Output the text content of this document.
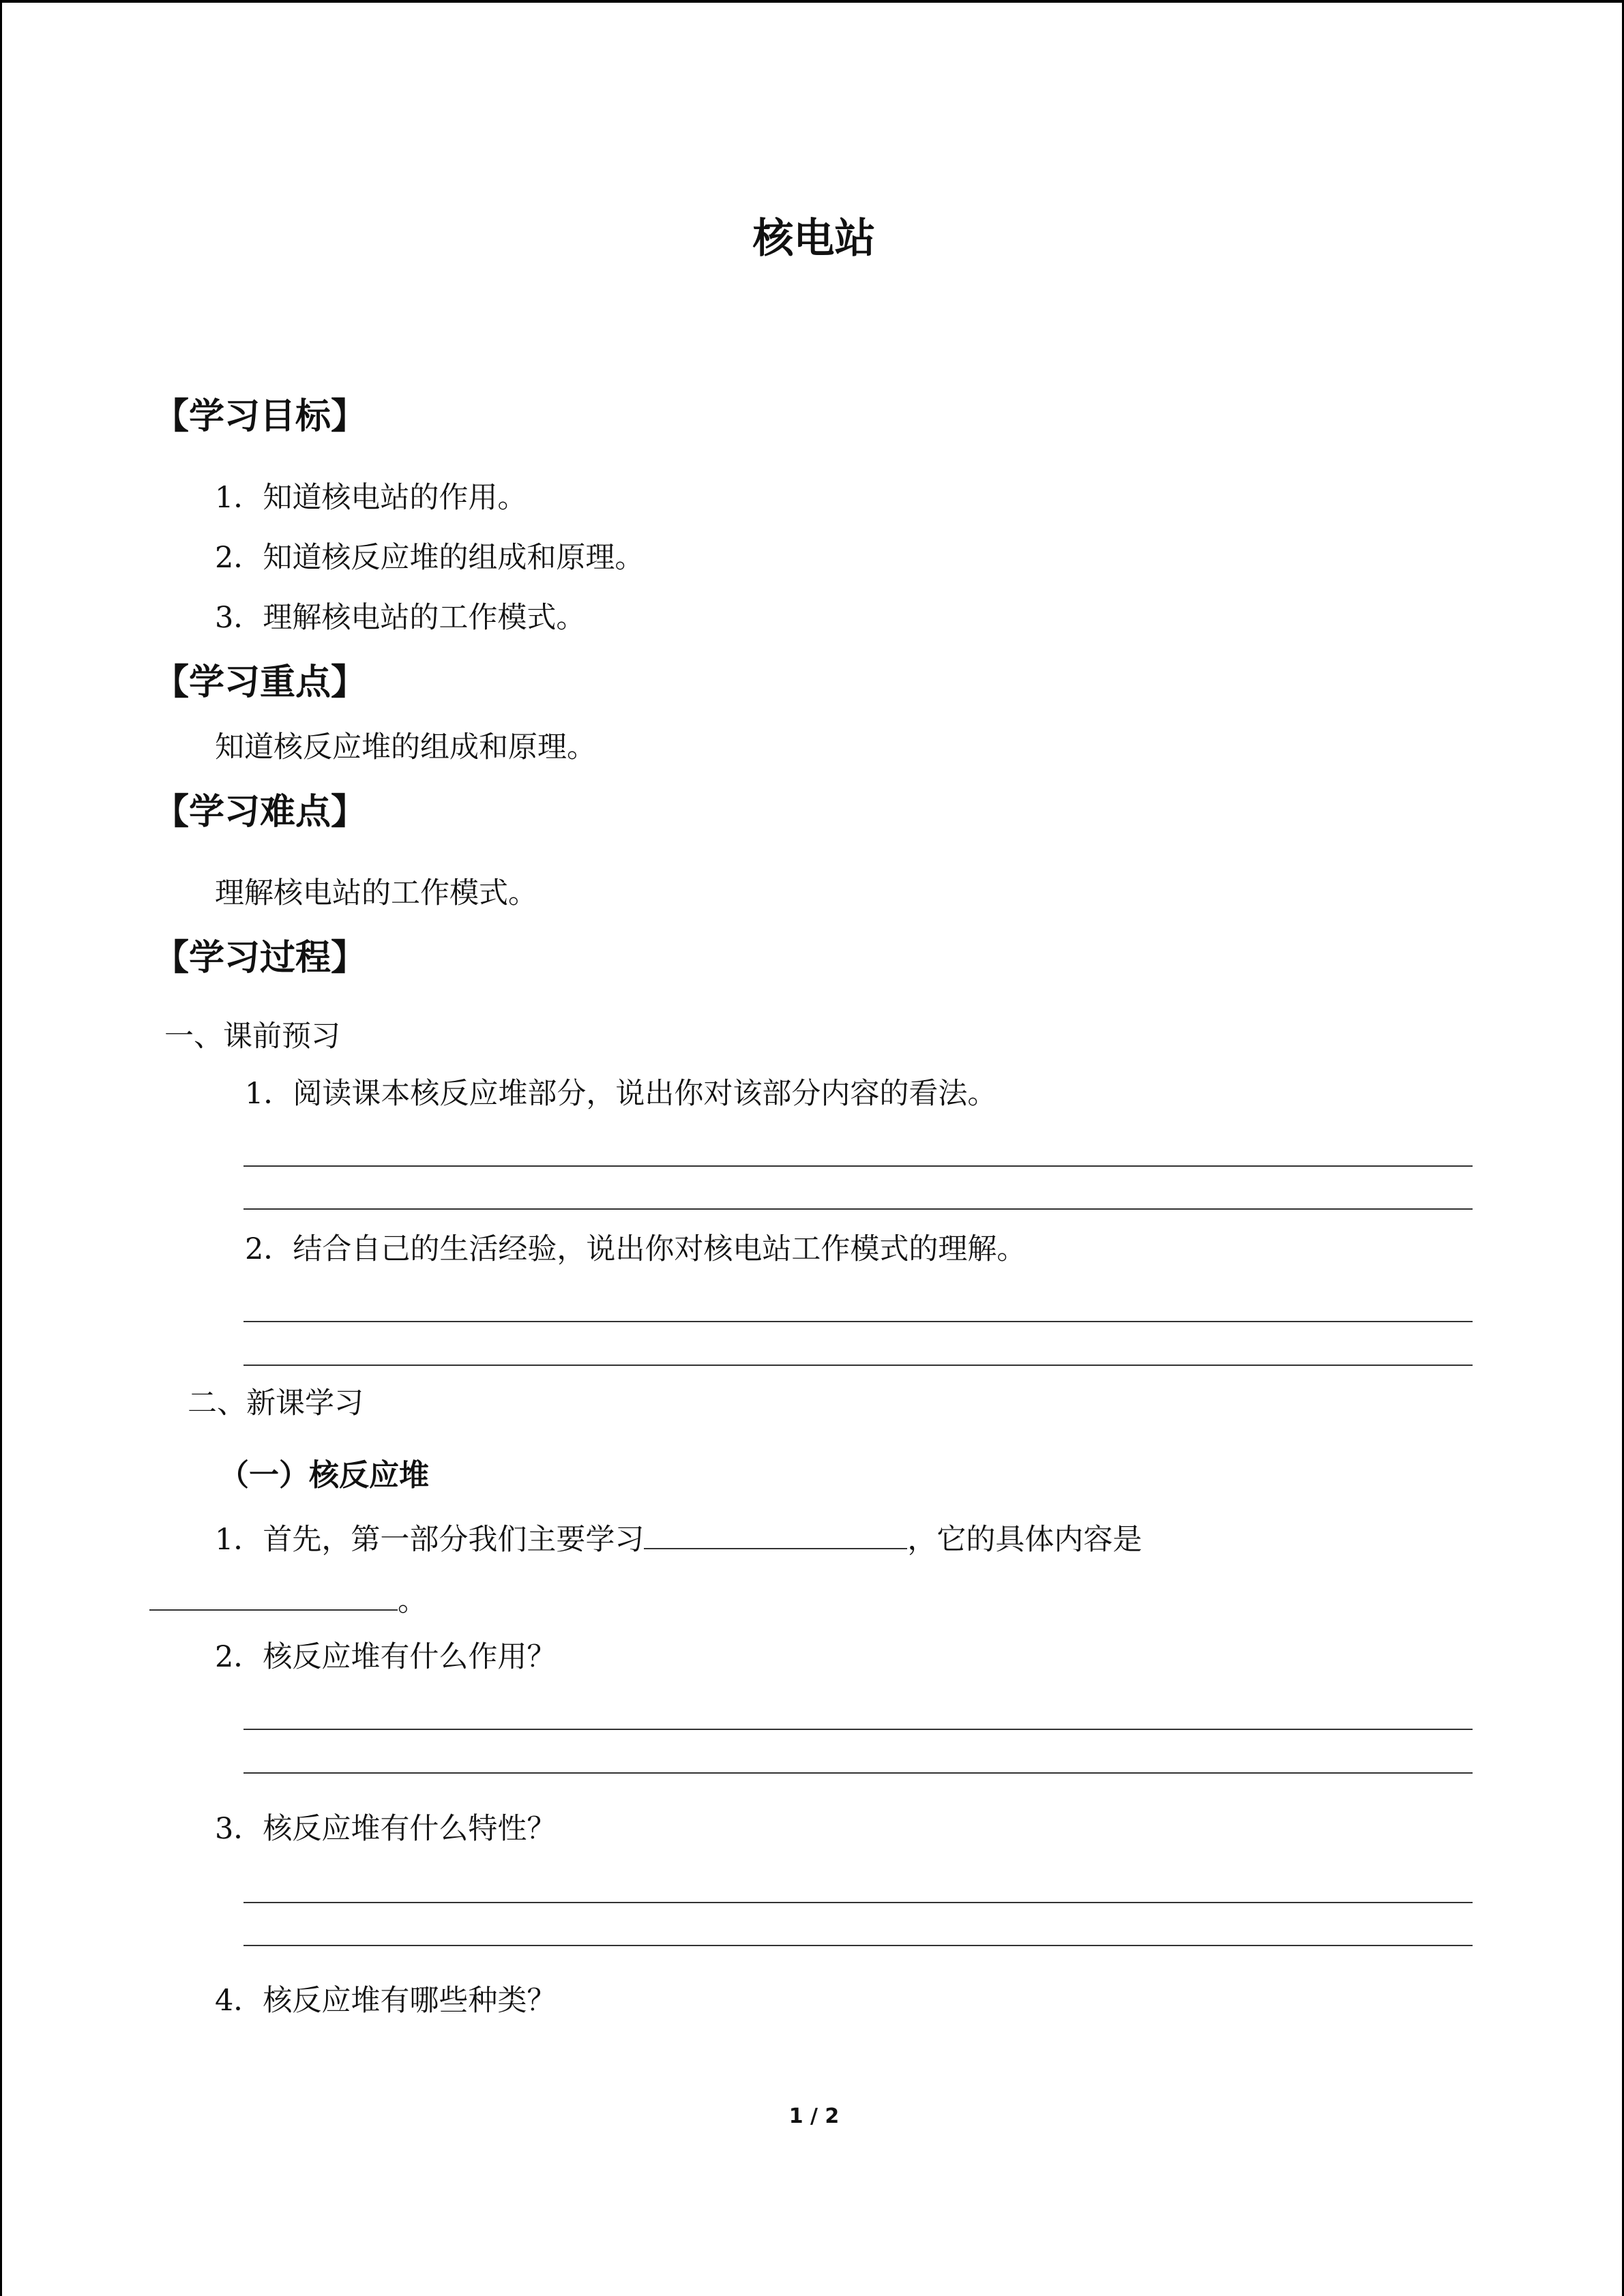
核电站
【学习目标】
1．知道核电站的作用。
2．知道核反应堆的组成和原理。
3．理解核电站的工作模式。
【学习重点】
知道核反应堆的组成和原理。
【学习难点】
理解核电站的工作模式。
【学习过程】
一、课前预习
1．阅读课本核反应堆部分，说出你对该部分内容的看法。
2．结合自己的生活经验，说出你对核电站工作模式的理解。
二、新课学习
（一）核反应堆
1．首先，第一部分我们主要学习	，它的具体内容是
。
2．核反应堆有什么作用？
3．核反应堆有什么特性？
4．核反应堆有哪些种类？
1 / 2
